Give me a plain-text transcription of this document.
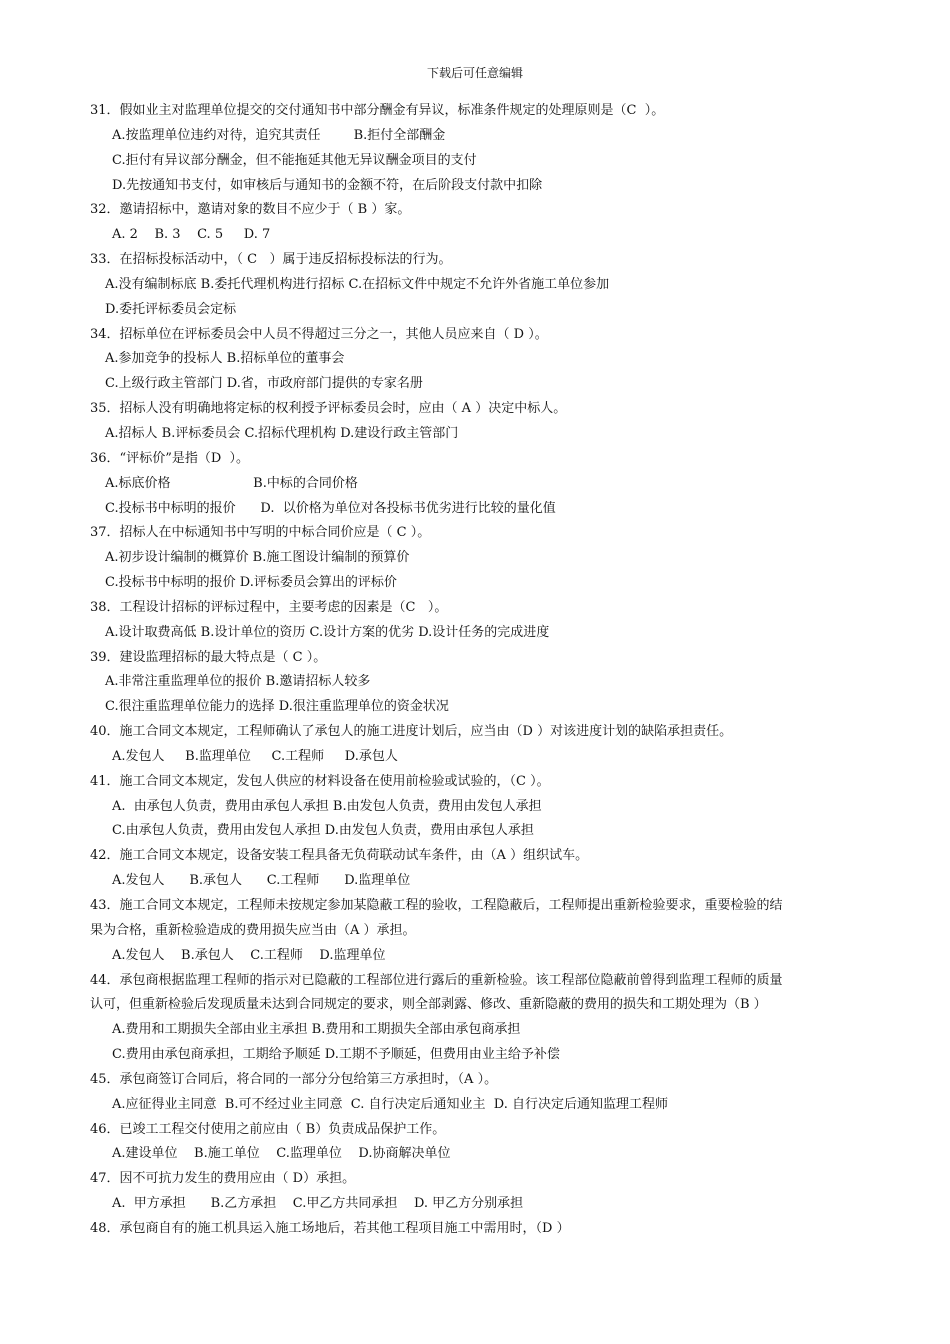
下载后可任意编辑
31．假如业主对监理单位提交的交付通知书中部分酬金有异议，标准条件规定的处理原则是（C  ）。
A.按监理单位违约对待，追究其责任        B.拒付全部酬金
C.拒付有异议部分酬金，但不能拖延其他无异议酬金项目的支付
D.先按通知书支付，如审核后与通知书的金额不符，在后阶段支付款中扣除
32．邀请招标中，邀请对象的数目不应少于（ B ）家。
A. 2    B. 3    C. 5     D. 7
33．在招标投标活动中，（ C   ）属于违反招标投标法的行为。
A.没有编制标底 B.委托代理机构进行招标 C.在招标文件中规定不允许外省施工单位参加
D.委托评标委员会定标
34．招标单位在评标委员会中人员不得超过三分之一，其他人员应来自（ D ）。
A.参加竞争的投标人 B.招标单位的董事会
C.上级行政主管部门 D.省，市政府部门提供的专家名册
35．招标人没有明确地将定标的权利授予评标委员会时，应由（ A ）决定中标人。
A.招标人 B.评标委员会 C.招标代理机构 D.建设行政主管部门
36．“评标价”是指（D  ）。
A.标底价格                    B.中标的合同价格
C.投标书中标明的报价      D.  以价格为单位对各投标书优劣进行比较的量化值
37．招标人在中标通知书中写明的中标合同价应是（ C ）。
A.初步设计编制的概算价 B.施工图设计编制的预算价
C.投标书中标明的报价 D.评标委员会算出的评标价
38．工程设计招标的评标过程中，主要考虑的因素是（C   ）。
A.设计取费高低 B.设计单位的资历 C.设计方案的优劣 D.设计任务的完成进度
39．建设监理招标的最大特点是（ C ）。
A.非常注重监理单位的报价 B.邀请招标人较多
C.很注重监理单位能力的选择 D.很注重监理单位的资金状况
40．施工合同文本规定，工程师确认了承包人的施工进度计划后，应当由（D ）对该进度计划的缺陷承担责任。
A.发包人     B.监理单位     C.工程师     D.承包人
41．施工合同文本规定，发包人供应的材料设备在使用前检验或试验的，（C ）。
A.  由承包人负责，费用由承包人承担 B.由发包人负责，费用由发包人承担
C.由承包人负责，费用由发包人承担 D.由发包人负责，费用由承包人承担
42．施工合同文本规定，设备安装工程具备无负荷联动试车条件，由（A ）组织试车。
A.发包人      B.承包人      C.工程师      D.监理单位
43．施工合同文本规定，工程师未按规定参加某隐蔽工程的验收，工程隐蔽后，工程师提出重新检验要求，重要检验的结
果为合格，重新检验造成的费用损失应当由（A ）承担。
A.发包人    B.承包人    C.工程师    D.监理单位
44．承包商根据监理工程师的指示对已隐蔽的工程部位进行露后的重新检验。该工程部位隐蔽前曾得到监理工程师的质量
认可，但重新检验后发现质量未达到合同规定的要求，则全部剥露、修改、重新隐蔽的费用的损失和工期处理为（B ）
A.费用和工期损失全部由业主承担 B.费用和工期损失全部由承包商承担
C.费用由承包商承担，工期给予顺延 D.工期不予顺延，但费用由业主给予补偿
45．承包商签订合同后，将合同的一部分分包给第三方承担时，（A ）。
A.应征得业主同意  B.可不经过业主同意  C. 自行决定后通知业主  D. 自行决定后通知监理工程师
46．已竣工工程交付使用之前应由（ B）负责成品保护工作。
A.建设单位    B.施工单位    C.监理单位    D.协商解决单位
47．因不可抗力发生的费用应由（ D）承担。
A.  甲方承担      B.乙方承担    C.甲乙方共同承担    D. 甲乙方分别承担
48．承包商自有的施工机具运入施工场地后，若其他工程项目施工中需用时，（D ）
